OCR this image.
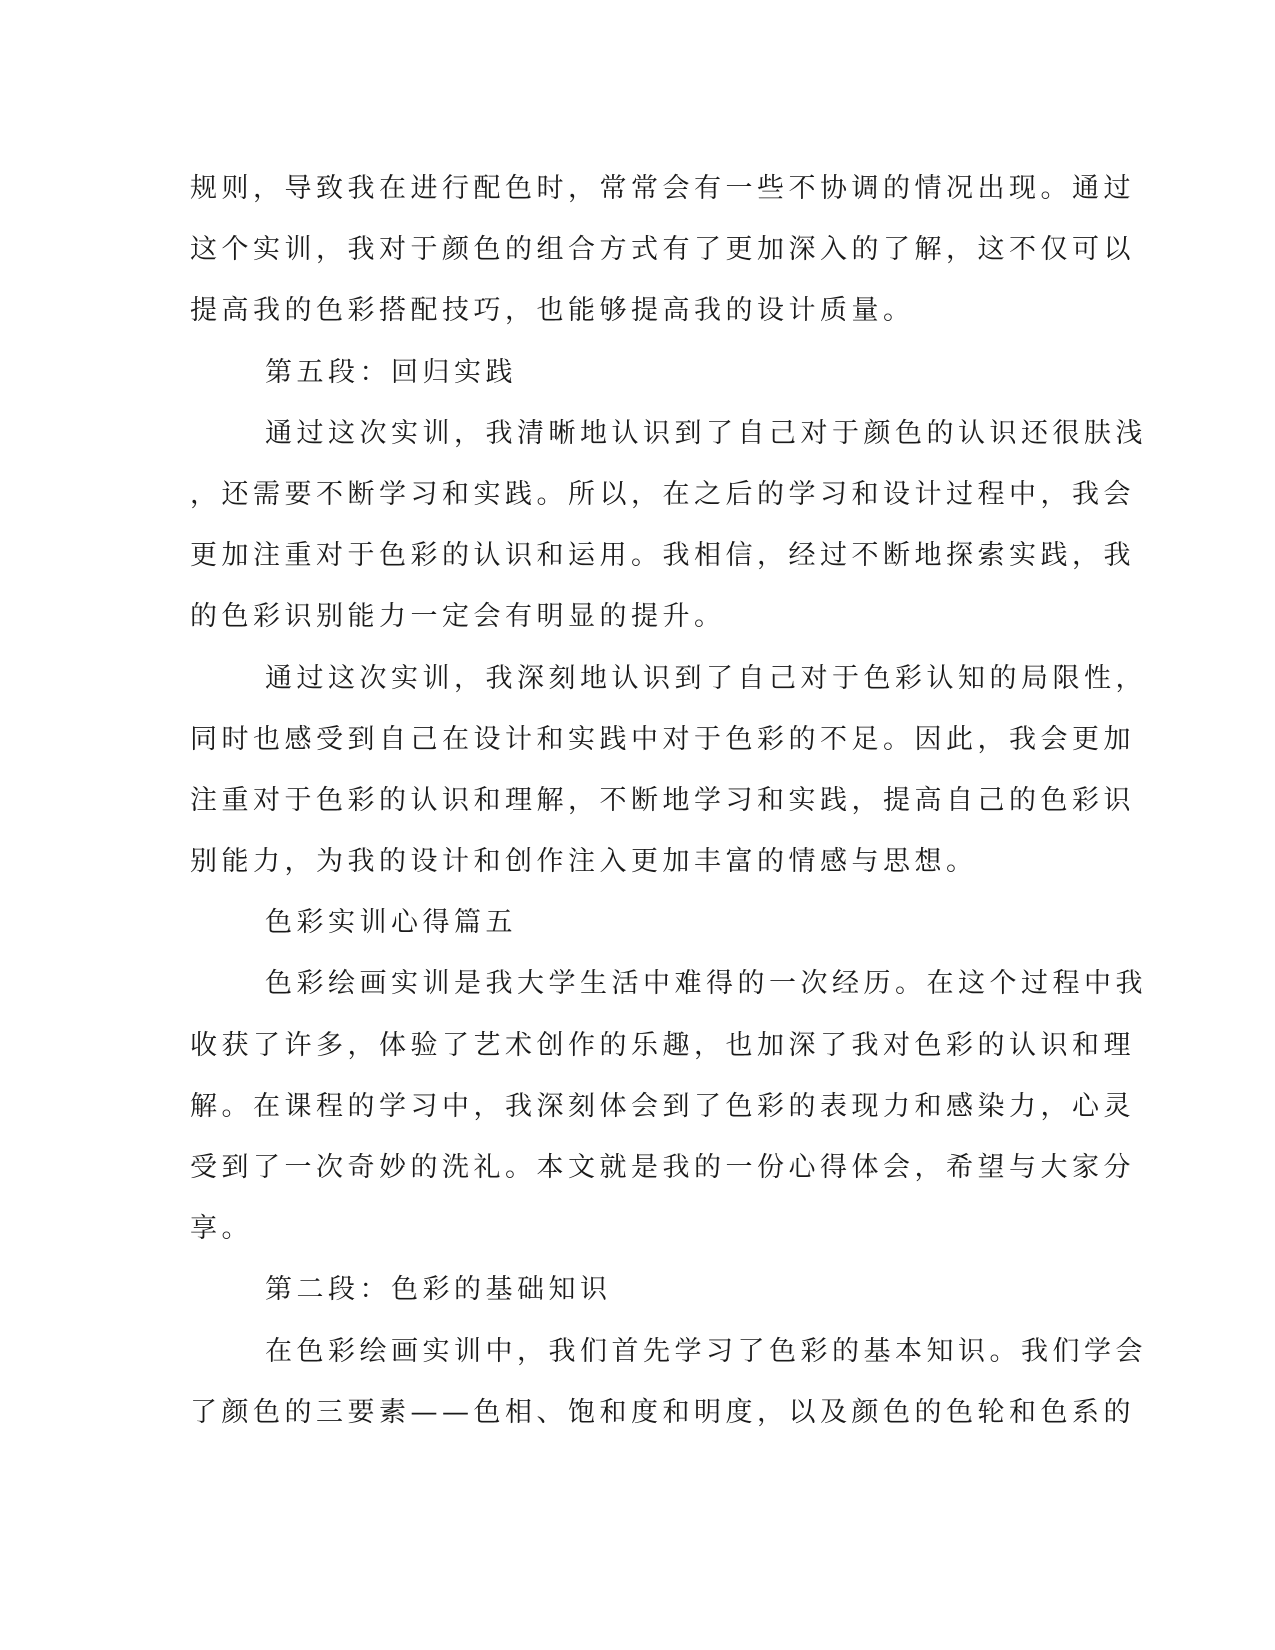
规则，导致我在进行配色时，常常会有一些不协调的情况出现。通过
这个实训，我对于颜色的组合方式有了更加深入的了解，这不仅可以
提高我的色彩搭配技巧，也能够提高我的设计质量。
第五段：回归实践
通过这次实训，我清晰地认识到了自己对于颜色的认识还很肤浅
，还需要不断学习和实践。所以，在之后的学习和设计过程中，我会
更加注重对于色彩的认识和运用。我相信，经过不断地探索实践，我
的色彩识别能力一定会有明显的提升。
通过这次实训，我深刻地认识到了自己对于色彩认知的局限性，
同时也感受到自己在设计和实践中对于色彩的不足。因此，我会更加
注重对于色彩的认识和理解，不断地学习和实践，提高自己的色彩识
别能力，为我的设计和创作注入更加丰富的情感与思想。
色彩实训心得篇五
色彩绘画实训是我大学生活中难得的一次经历。在这个过程中我
收获了许多，体验了艺术创作的乐趣，也加深了我对色彩的认识和理
解。在课程的学习中，我深刻体会到了色彩的表现力和感染力，心灵
受到了一次奇妙的洗礼。本文就是我的一份心得体会，希望与大家分
享。
第二段：色彩的基础知识
在色彩绘画实训中，我们首先学习了色彩的基本知识。我们学会
了颜色的三要素——色相、饱和度和明度，以及颜色的色轮和色系的
